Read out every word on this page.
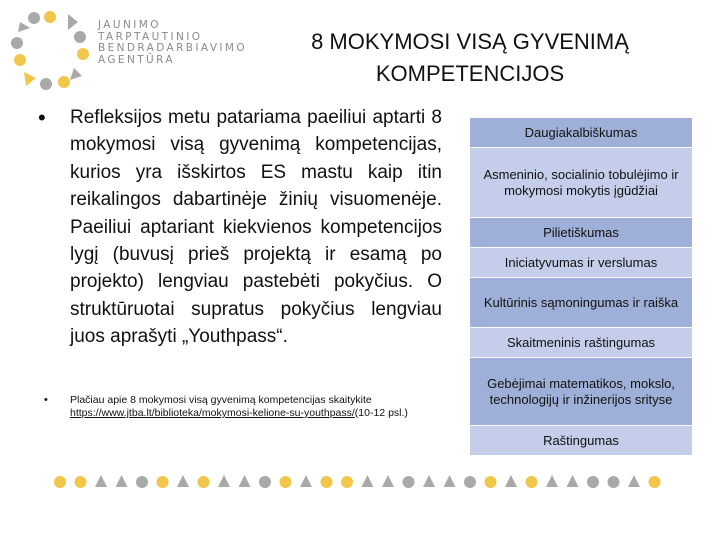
JAUNIMO
TARPTAUTINIO
BENDRADARBIAVIMO
AGENTŪRA
8 MOKYMOSI VISĄ GYVENIMĄ
KOMPETENCIJOS
• Refleksijos metu patariama paeiliui aptarti 8 mokymosi visą gyvenimą kompetencijas, kurios yra išskirtos ES mastu kaip itin reikalingos dabartinėje žinių visuomenėje. Paeiliui aptariant kiekvienos kompetencijos lygį (buvusį prieš projektą ir esamą po projekto) lengviau pastebėti pokyčius. O struktūruotai supratus pokyčius lengviau juos aprašyti „Youthpass“.
• Plačiau apie 8 mokymosi visą gyvenimą kompetencijas skaitykite https://www.jtba.lt/biblioteka/mokymosi-kelione-su-youthpass/(10-12 psl.)
Daugiakalbiškumas
Asmeninio, socialinio tobulėjimo ir mokymosi mokytis įgūdžiai
Pilietiškumas
Iniciatyvumas ir verslumas
Kultūrinis sąmoningumas ir raiška
Skaitmeninis raštingumas
Gebėjimai matematikos, mokslo, technologijų ir inžinerijos srityse
Raštingumas
